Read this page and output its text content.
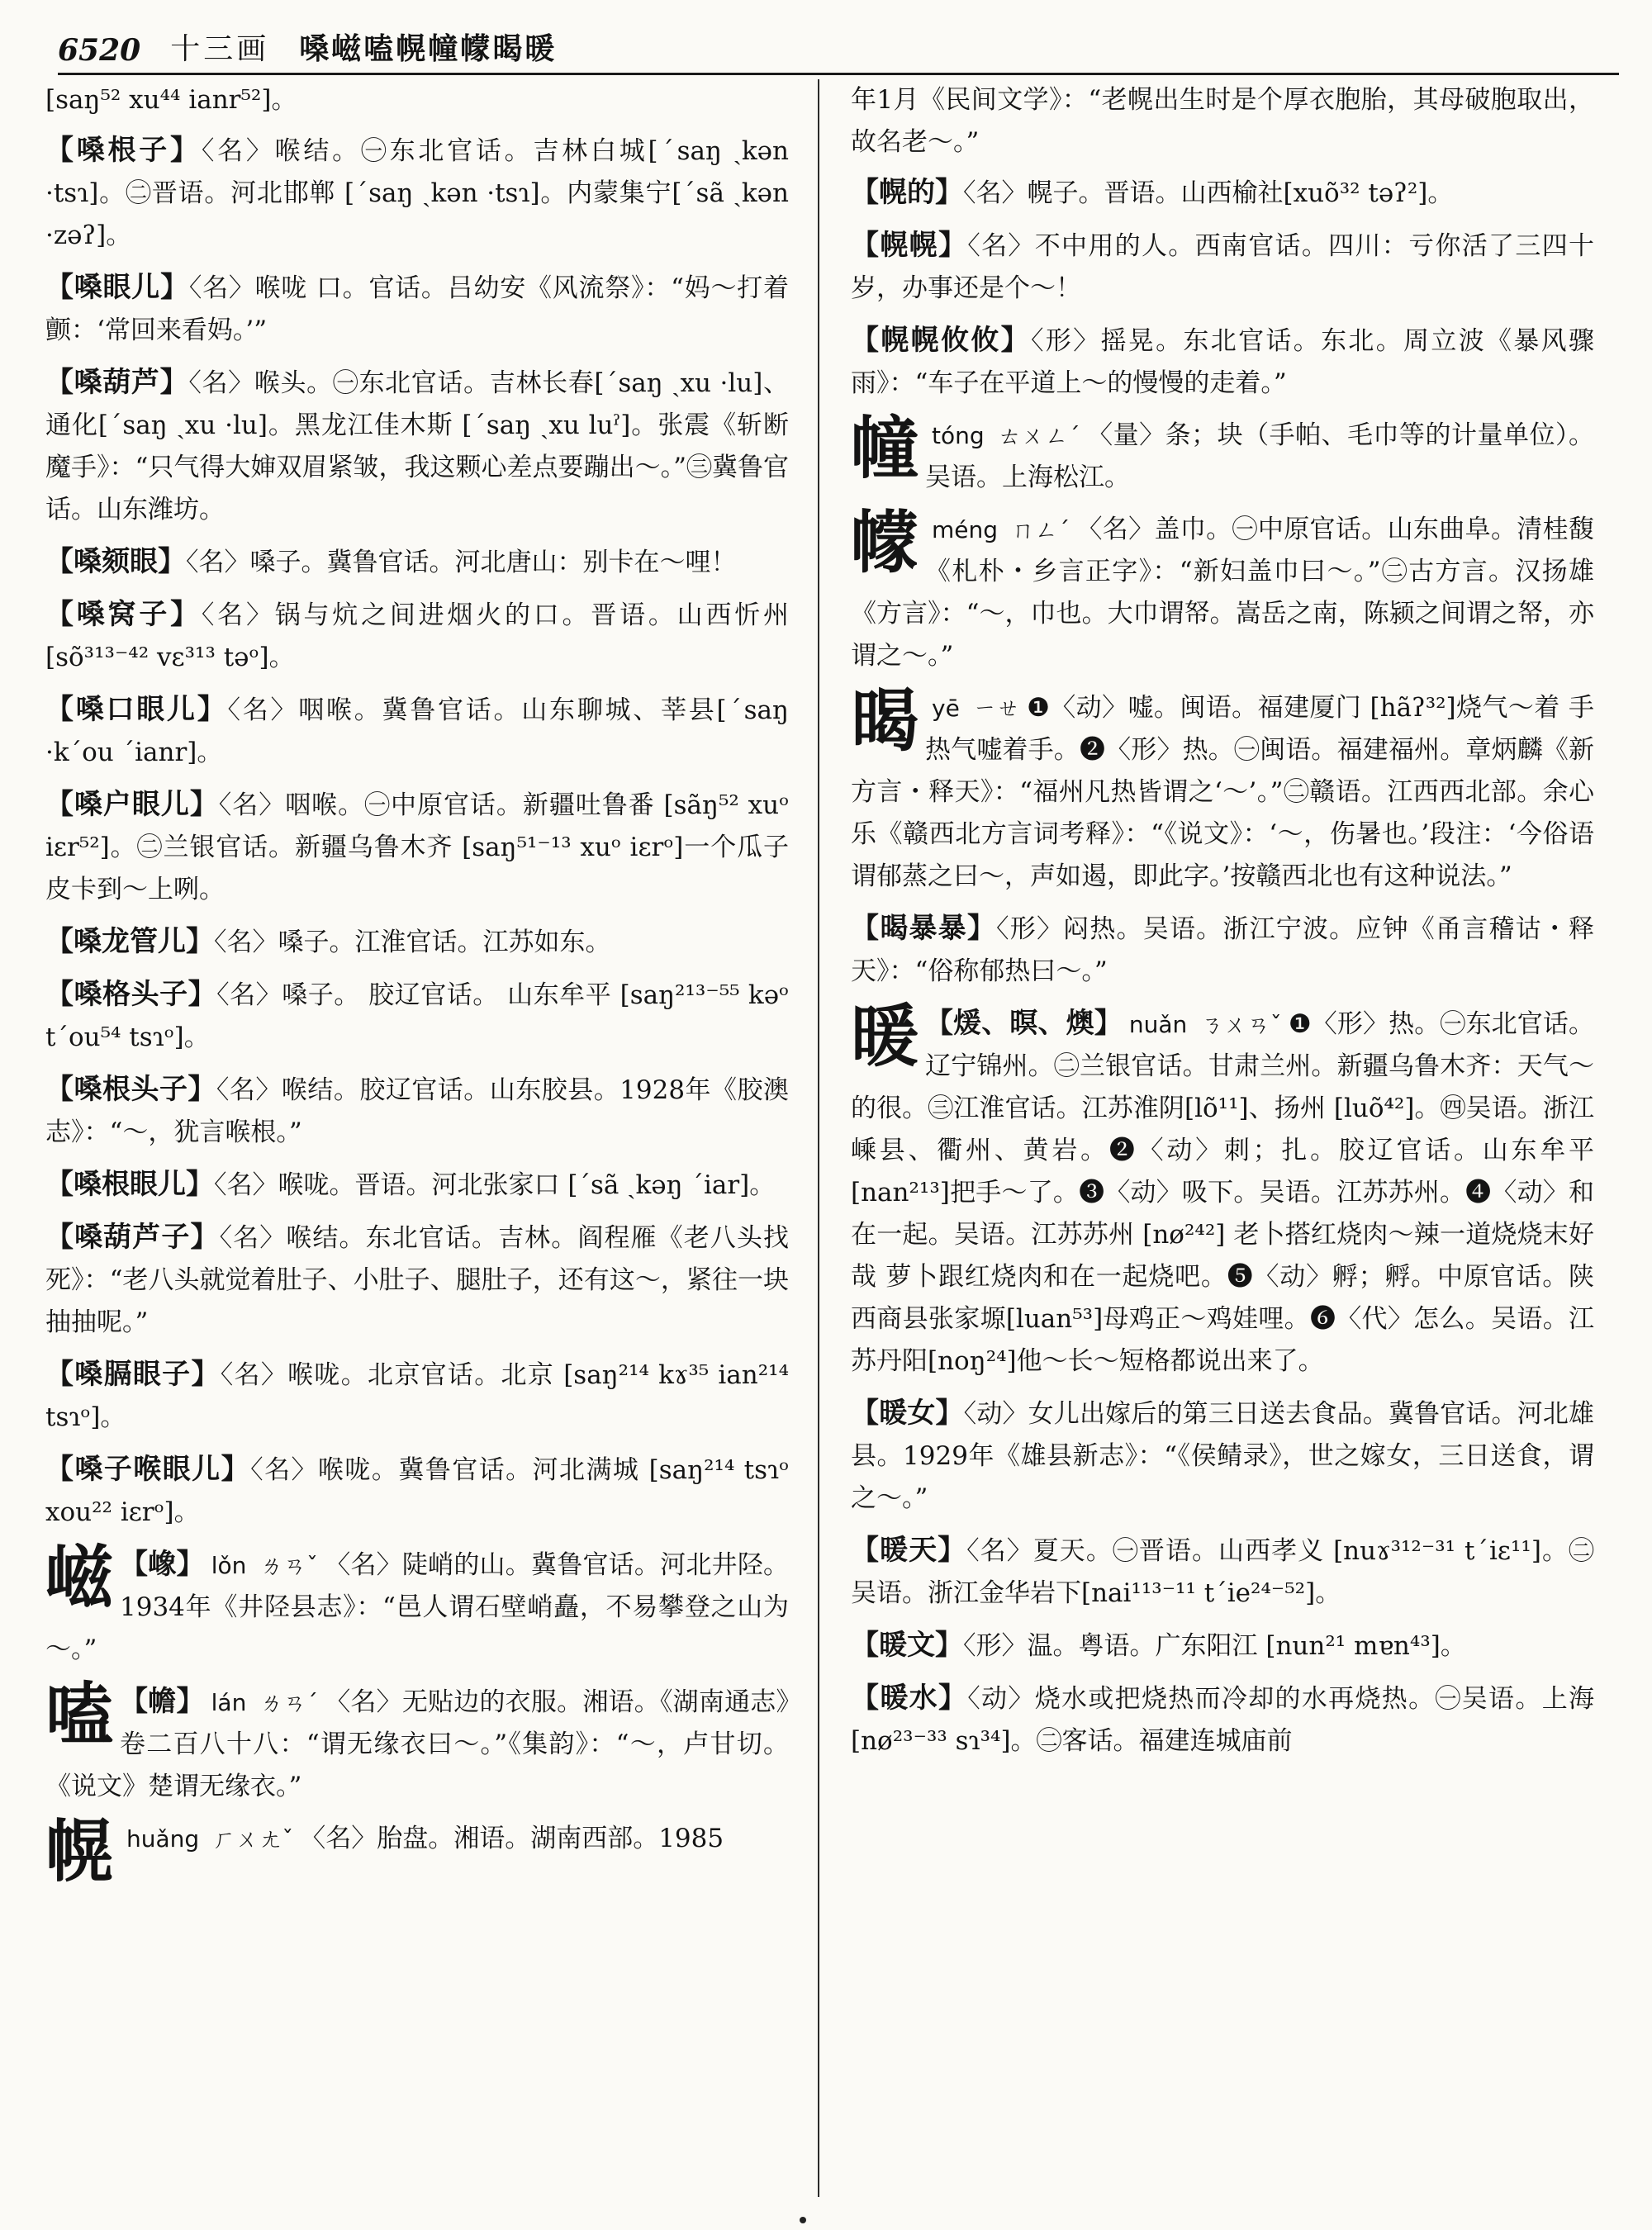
6520 十三画 嗓嵫嗑幌幢幪暍暖
[saŋ⁵² xu⁴⁴ ianr⁵²]。
【嗓根子】〈名〉喉结。㊀东北官话。吉林白城[ˊsaŋ ˏkən ·tsɿ]。㊁晋语。河北邯郸 [ˊsaŋ ˏkən ·tsɿ]。内蒙集宁[ˊsã ˏkən ·zəʔ]。
【嗓眼儿】〈名〉喉咙 口。官话。吕幼安《风流祭》：“妈～打着颤：‘常回来看妈。’”
【嗓葫芦】〈名〉喉头。㊀东北官话。吉林长春[ˊsaŋ ˏxu ·lu]、通化[ˊsaŋ ˏxu ·lu]。黑龙江佳木斯 [ˊsaŋ ˏxu luˀ]。张震《斩断魔手》：“只气得大婶双眉紧皱，我这颗心差点要蹦出～。”㊂冀鲁官话。山东潍坊。
【嗓颏眼】〈名〉嗓子。冀鲁官话。河北唐山：别卡在～哩！
【嗓窝子】〈名〉锅与炕之间进烟火的口。晋语。山西忻州[sõ³¹³⁻⁴² vɛ³¹³ təᵒ]。
【嗓口眼儿】〈名〉咽喉。冀鲁官话。山东聊城、莘县[ˊsaŋ ·kˊou ˊianr]。
【嗓户眼儿】〈名〉咽喉。㊀中原官话。新疆吐鲁番 [sãŋ⁵² xuᵒ iɛr⁵²]。㊁兰银官话。新疆乌鲁木齐 [saŋ⁵¹⁻¹³ xuᵒ iɛrᵒ]一个瓜子皮卡到～上咧。
【嗓龙管儿】〈名〉嗓子。江淮官话。江苏如东。
【嗓格头子】〈名〉嗓子。 胶辽官话。 山东牟平 [saŋ²¹³⁻⁵⁵ kəᵒ tˊou⁵⁴ tsɿᵒ]。
【嗓根头子】〈名〉喉结。胶辽官话。山东胶县。1928年《胶澳志》：“～，犹言喉根。”
【嗓根眼儿】〈名〉喉咙。晋语。河北张家口 [ˊsã ˏkəŋ ˊiar]。
【嗓葫芦子】〈名〉喉结。东北官话。吉林。阎程雁《老八头找死》：“老八头就觉着肚子、小肚子、腿肚子，还有这～，紧往一块抽抽呢。”
【嗓膈眼子】〈名〉喉咙。北京官话。北京 [saŋ²¹⁴ kɤ³⁵ ian²¹⁴ tsɿᵒ]。
【嗓子喉眼儿】〈名〉喉咙。冀鲁官话。河北满城 [saŋ²¹⁴ tsɿᵒ xou²² iɛrᵒ]。
嵫 【嶑】 lǒn ㄌㄢˇ 〈名〉陡峭的山。冀鲁官话。河北井陉。1934年《井陉县志》：“邑人谓石壁峭矗，不易攀登之山为～。”
嗑 【幨】 lán ㄌㄢˊ 〈名〉无贴边的衣服。湘语。《湖南通志》卷二百八十八：“谓无缘衣曰～。”《集韵》：“～，卢甘切。《说文》楚谓无缘衣。”
幌huǎng ㄏㄨㄤˇ 〈名〉胎盘。湘语。湖南西部。1985
年1月《民间文学》：“老幌出生时是个厚衣胞胎，其母破胞取出，故名老～。”
【幌的】〈名〉幌子。晋语。山西榆社[xuõ³² təʔ²]。
【幌幌】〈名〉不中用的人。西南官话。四川：亏你活了三四十岁，办事还是个～！
【幌幌攸攸】〈形〉摇晃。东北官话。东北。周立波《暴风骤雨》：“车子在平道上～的慢慢的走着。”
幢tóng ㄊㄨㄥˊ 〈量〉条；块（手帕、毛巾等的计量单位）。吴语。上海松江。
幪méng ㄇㄥˊ 〈名〉盖巾。㊀中原官话。山东曲阜。清桂馥《札朴・乡言正字》：“新妇盖巾曰～。”㊁古方言。汉扬雄《方言》：“～，巾也。大巾谓帑。嵩岳之南，陈颍之间谓之帑，亦谓之～。”
暍yē ㄧㄝ ❶〈动〉嘘。闽语。福建厦门 [hãʔ³²]烧气～着 手热气嘘着手。❷〈形〉热。㊀闽语。福建福州。章炳麟《新方言・释天》：“福州凡热皆谓之‘～’。”㊁赣语。江西西北部。余心乐《赣西北方言词考释》：“《说文》：‘～，伤暑也。’段注：‘今俗语谓郁蒸之曰～，声如遏，即此字。’按赣西北也有这种说法。”
【暍暴暴】〈形〉闷热。吴语。浙江宁波。应钟《甬言稽诂・释天》：“俗称郁热曰～。”
暖 【煖、暝、燠】 nuǎn ㄋㄨㄢˇ ❶〈形〉热。㊀东北官话。辽宁锦州。㊁兰银官话。甘肃兰州。新疆乌鲁木齐：天气～的很。㊂江淮官话。江苏淮阴[lõ¹¹]、扬州 [luõ⁴²]。㊃吴语。浙江嵊县、衢州、黄岩。❷〈动〉刺；扎。胶辽官话。山东牟平 [nan²¹³]把手～了。❸〈动〉吸下。吴语。江苏苏州。❹〈动〉和在一起。吴语。江苏苏州 [nø²⁴²] 老卜搭红烧肉～辣一道烧烧末好哉 萝卜跟红烧肉和在一起烧吧。❺〈动〉孵；孵。中原官话。陕西商县张家塬[luan⁵³]母鸡正～鸡娃哩。❻〈代〉怎么。吴语。江苏丹阳[noŋ²⁴]他～长～短格都说出来了。
【暖女】〈动〉女儿出嫁后的第三日送去食品。冀鲁官话。河北雄县。1929年《雄县新志》：“《侯鲭录》，世之嫁女，三日送食，谓之～。”
【暖天】〈名〉夏天。㊀晋语。山西孝义 [nuɤ³¹²⁻³¹ tˊiɛ¹¹]。㊁吴语。浙江金华岩下[nai¹¹³⁻¹¹ tˊie²⁴⁻⁵²]。
【暖文】〈形〉温。粤语。广东阳江 [nun²¹ mɐn⁴³]。
【暖水】〈动〉烧水或把烧热而冷却的水再烧热。㊀吴语。上海 [nø²³⁻³³ sɿ³⁴]。㊁客话。福建连城庙前
